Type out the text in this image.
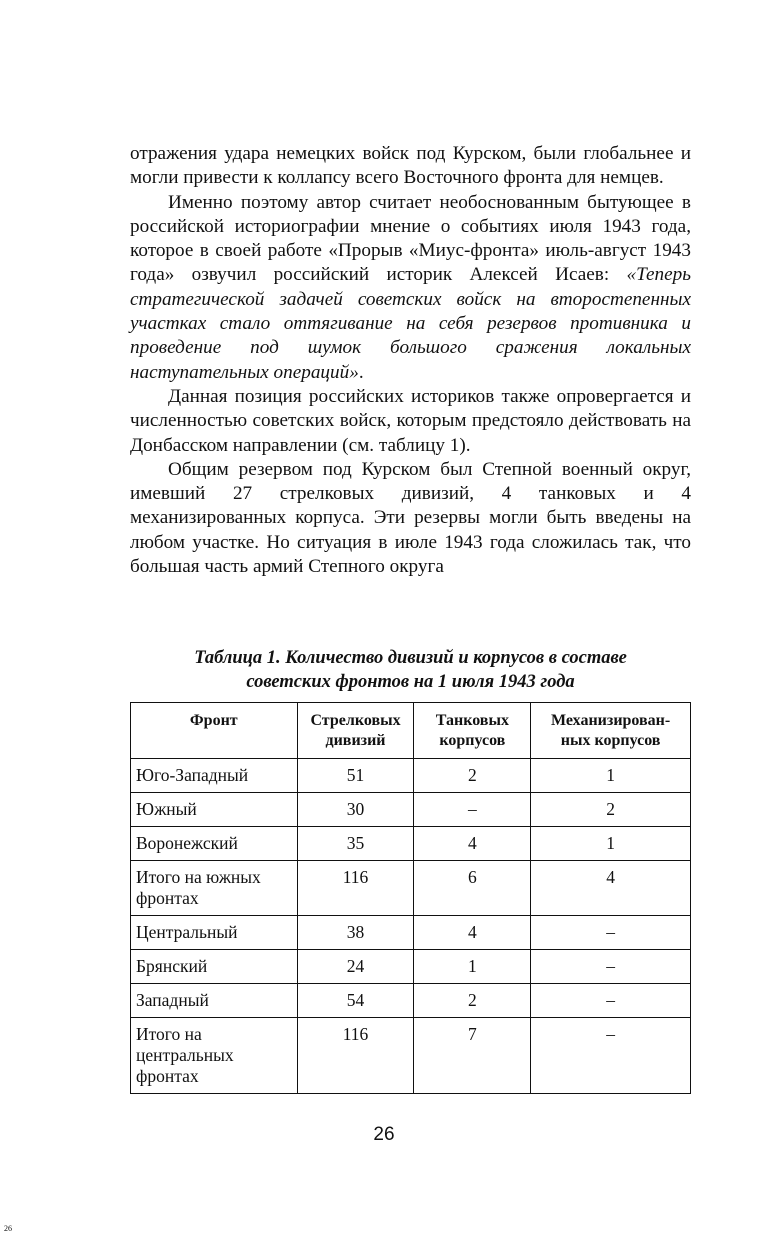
отражения удара немецких войск под Курском, были глобальнее и могли привести к коллапсу всего Восточного фронта для немцев.

Именно поэтому автор считает необоснованным бытующее в российской историографии мнение о событиях июля 1943 года, которое в своей работе «Прорыв «Миус-фронта» июль-август 1943 года» озвучил российский историк Алексей Исаев: «Теперь стратегической задачей советских войск на второстепенных участках стало оттягивание на себя резервов противника и проведение под шумок большого сражения локальных наступательных операций».

Данная позиция российских историков также опровергается и численностью советских войск, которым предстояло действовать на Донбасском направлении (см. таблицу 1).

Общим резервом под Курском был Степной военный округ, имевший 27 стрелковых дивизий, 4 танковых и 4 механизированных корпуса. Эти резервы могли быть введены на любом участке. Но ситуация в июле 1943 года сложилась так, что большая часть армий Степного округа

Таблица 1. Количество дивизий и корпусов в составе
советских фронтов на 1 июля 1943 года
Фронт	Стрелковых дивизий	Танковых корпусов	Механизирован-ных корпусов
Юго-Западный	51	2	1
Южный	30	–	2
Воронежский	35	4	1
Итого на южных фронтах	116	6	4
Центральный	38	4	–
Брянский	24	1	–
Западный	54	2	–
Итого на центральных фронтах	116	7	–
26
26
